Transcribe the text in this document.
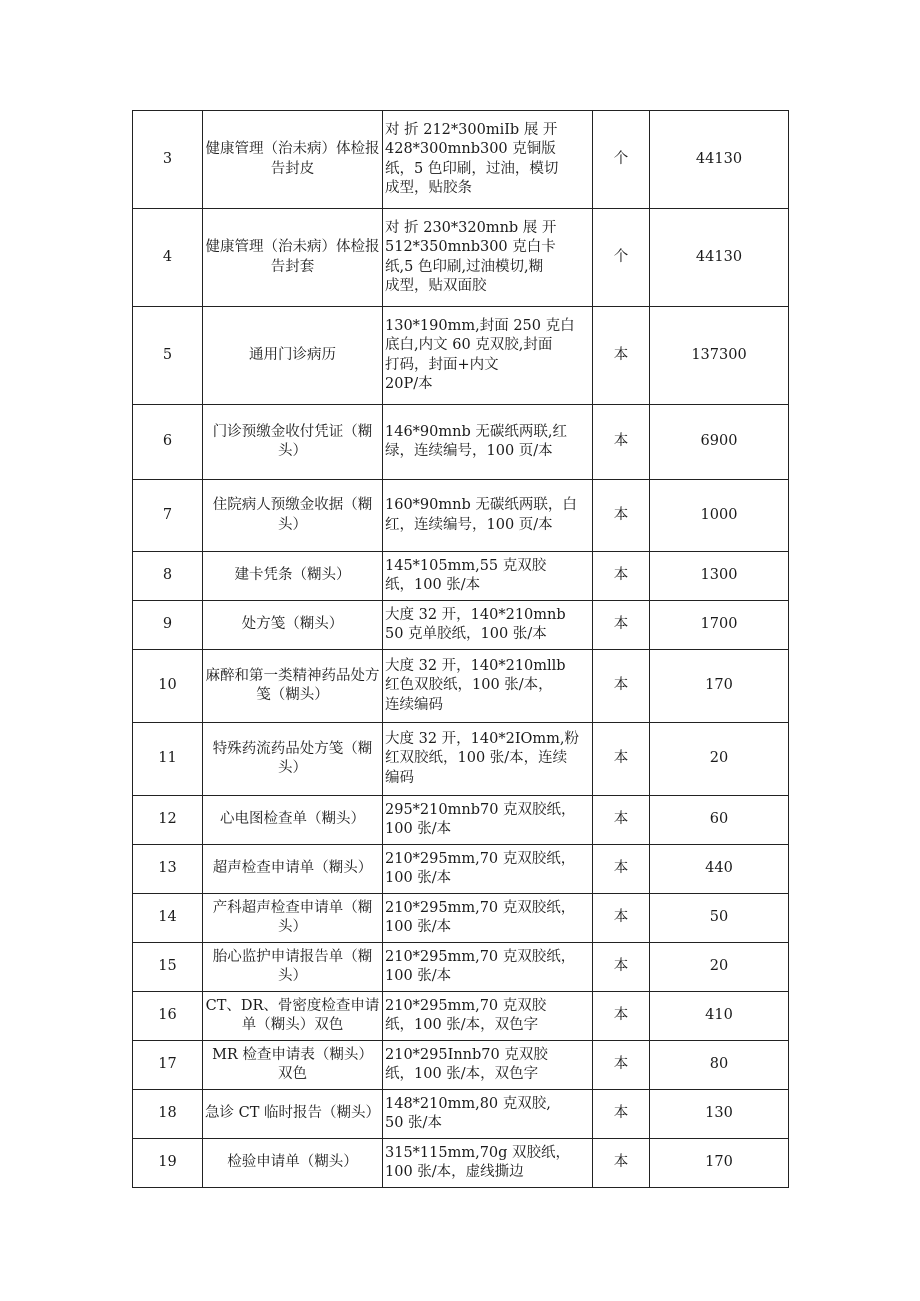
3	健康管理（治未病）体检报告封皮	对 折 212*300miIb 展 开
428*300mnb300 克铜版
纸，5 色印刷，过油，模切
成型，贴胶条	个	44130
4	健康管理（治未病）体检报告封套	对 折 230*320mnb 展 开
512*350mnb300 克白卡
纸,5 色印刷,过油模切,糊
成型，贴双面胶	个	44130
5	通用门诊病历	130*190mm,封面 250 克白
底白,内文 60 克双胶,封面
打码，封面+内文
20P/本	本	137300
6	门诊预缴金收付凭证（糊头）	146*90mnb 无碳纸两联,红
绿，连续编号，100 页/本	本	6900
7	住院病人预缴金收据（糊头）	160*90mnb 无碳纸两联，白
红，连续编号，100 页/本	本	1000
8	建卡凭条（糊头）	145*105mm,55 克双胶
纸，100 张/本	本	1300
9	处方笺（糊头）	大度 32 开，140*210mnb
50 克单胶纸，100 张/本	本	1700
10	麻醉和第一类精神药品处方笺（糊头）	大度 32 开，140*210mllb
红色双胶纸，100 张/本，
连续编码	本	170
11	特殊药流药品处方笺（糊头）	大度 32 开，140*2IOmm,粉
红双胶纸，100 张/本，连续
编码	本	20
12	心电图检查单（糊头）	295*210mnb70 克双胶纸，
100 张/本	本	60
13	超声检查申请单（糊头）	210*295mm,70 克双胶纸，
100 张/本	本	440
14	产科超声检查申请单（糊头）	210*295mm,70 克双胶纸，
100 张/本	本	50
15	胎心监护申请报告单（糊头）	210*295mm,70 克双胶纸，
100 张/本	本	20
16	CT、DR、骨密度检查申请单（糊头）双色	210*295mm,70 克双胶
纸，100 张/本，双色字	本	410
17	MR 检查申请表（糊头）双色	210*295Innb70 克双胶
纸，100 张/本，双色字	本	80
18	急诊 CT 临时报告（糊头）	148*210mm,80 克双胶,
50 张/本	本	130
19	检验申请单（糊头）	315*115mm,70g 双胶纸，
100 张/本，虚线撕边	本	170
